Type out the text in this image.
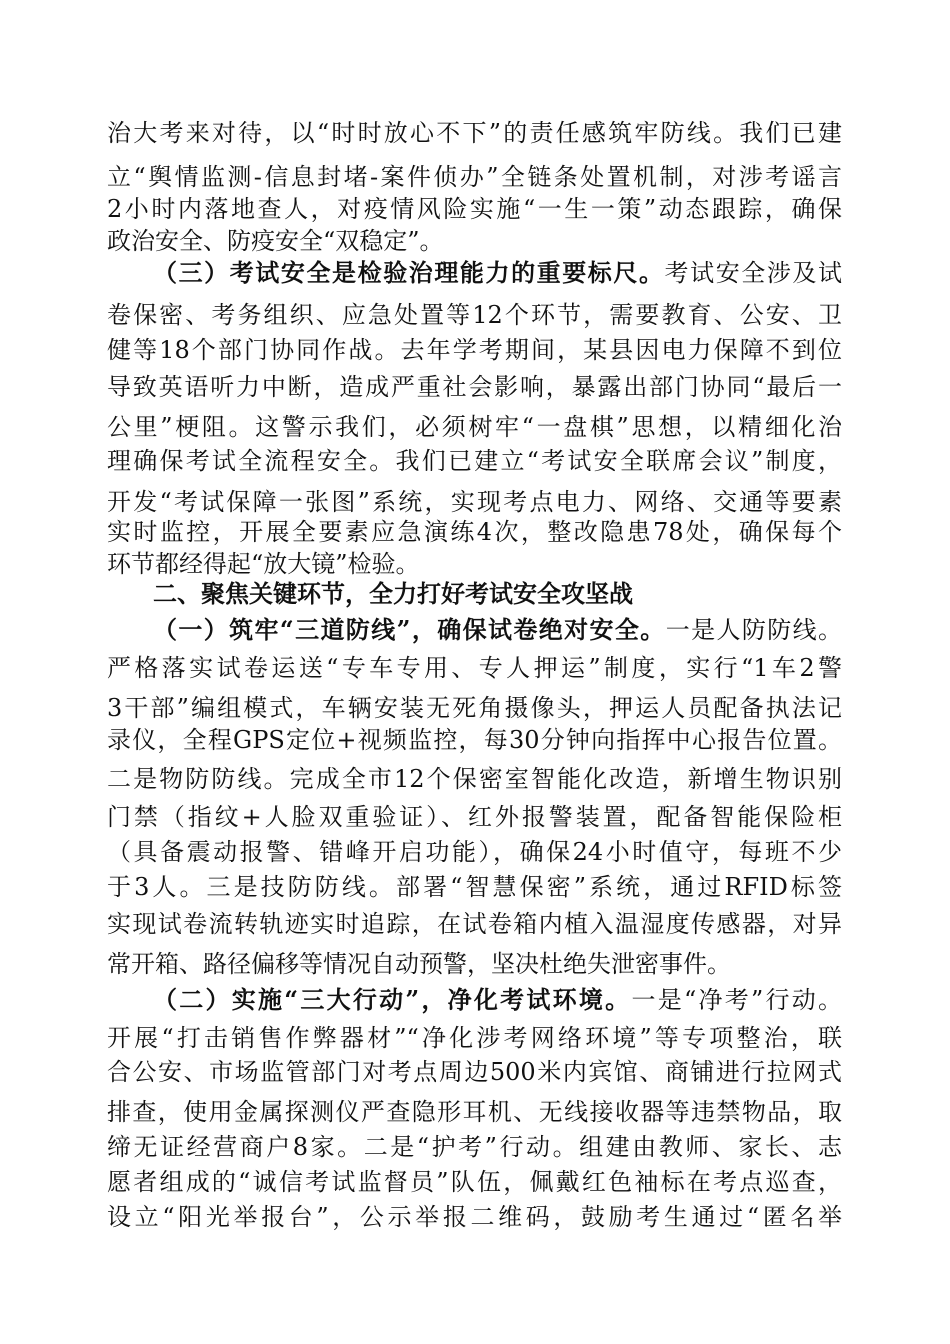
治大考来对待，以“时时放心不下”的责任感筑牢防线。我们已建
立“舆情监测-信息封堵-案件侦办”全链条处置机制，对涉考谣言
2小时内落地查人，对疫情风险实施“一生一策”动态跟踪，确保
政治安全、防疫安全“双稳定”。
（三）考试安全是检验治理能力的重要标尺。考试安全涉及试
卷保密、考务组织、应急处置等12个环节，需要教育、公安、卫
健等18个部门协同作战。去年学考期间，某县因电力保障不到位
导致英语听力中断，造成严重社会影响，暴露出部门协同“最后一
公里”梗阻。这警示我们，必须树牢“一盘棋”思想，以精细化治
理确保考试全流程安全。我们已建立“考试安全联席会议”制度，
开发“考试保障一张图”系统，实现考点电力、网络、交通等要素
实时监控，开展全要素应急演练4次，整改隐患78处，确保每个
环节都经得起“放大镜”检验。
二、聚焦关键环节，全力打好考试安全攻坚战
（一）筑牢“三道防线”，确保试卷绝对安全。一是人防防线。
严格落实试卷运送“专车专用、专人押运”制度，实行“1车2警
3干部”编组模式，车辆安装无死角摄像头，押运人员配备执法记
录仪，全程GPS定位+视频监控，每30分钟向指挥中心报告位置。
二是物防防线。完成全市12个保密室智能化改造，新增生物识别
门禁（指纹+人脸双重验证）、红外报警装置，配备智能保险柜
（具备震动报警、错峰开启功能），确保24小时值守，每班不少
于3人。三是技防防线。部署“智慧保密”系统，通过RFID标签
实现试卷流转轨迹实时追踪，在试卷箱内植入温湿度传感器，对异
常开箱、路径偏移等情况自动预警，坚决杜绝失泄密事件。
（二）实施“三大行动”，净化考试环境。一是“净考”行动。
开展“打击销售作弊器材”“净化涉考网络环境”等专项整治，联
合公安、市场监管部门对考点周边500米内宾馆、商铺进行拉网式
排查，使用金属探测仪严查隐形耳机、无线接收器等违禁物品，取
缔无证经营商户8家。二是“护考”行动。组建由教师、家长、志
愿者组成的“诚信考试监督员”队伍，佩戴红色袖标在考点巡查，
设立“阳光举报台”，公示举报二维码，鼓励考生通过“匿名举
